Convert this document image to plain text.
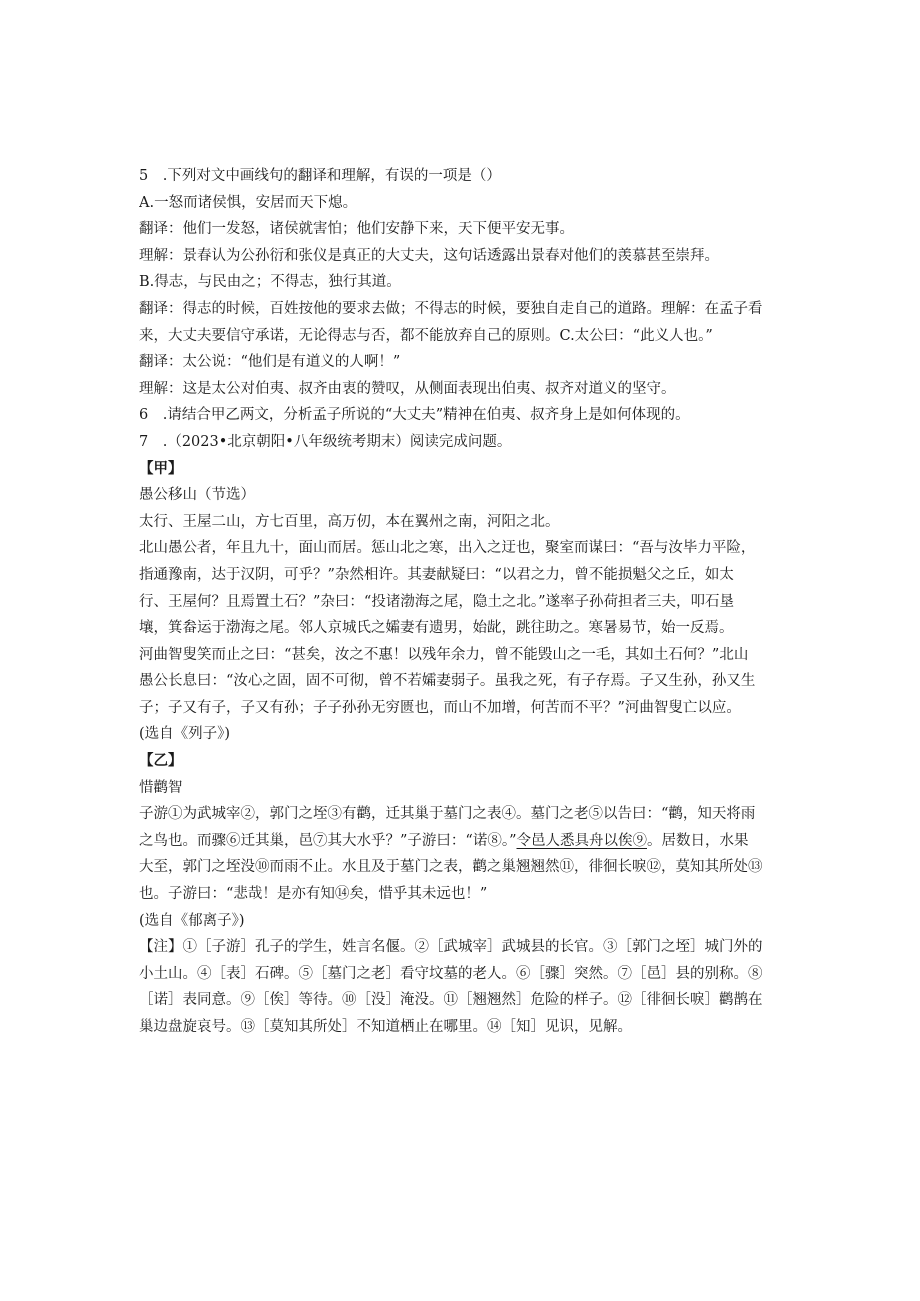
5　.下列对文中画线句的翻译和理解，有误的一项是（）
A.一怒而诸侯惧，安居而天下熄。
翻译：他们一发怒，诸侯就害怕；他们安静下来，天下便平安无事。
理解：景春认为公孙衍和张仪是真正的大丈夫，这句话透露出景春对他们的羡慕甚至崇拜。
B.得志，与民由之；不得志，独行其道。
翻译：得志的时候，百姓按他的要求去做；不得志的时候，要独自走自己的道路。理解：在孟子看
来，大丈夫要信守承诺，无论得志与否，都不能放弃自己的原则。C.太公曰：“此义人也。”
翻译：太公说：“他们是有道义的人啊！”
理解：这是太公对伯夷、叔齐由衷的赞叹，从侧面表现出伯夷、叔齐对道义的坚守。
6　.请结合甲乙两文，分析孟子所说的“大丈夫”精神在伯夷、叔齐身上是如何体现的。
7　.（2023•北京朝阳•八年级统考期末）阅读完成问题。
【甲】
愚公移山（节选）
太行、王屋二山，方七百里，高万仞，本在翼州之南，河阳之北。
北山愚公者，年且九十，面山而居。惩山北之寒，出入之迂也，聚室而谋曰：“吾与汝毕力平险，
指通豫南，达于汉阴，可乎？”杂然相许。其妻献疑曰：“以君之力，曾不能损魁父之丘，如太
行、王屋何？且焉置土石？”杂曰：“投诸渤海之尾，隐土之北。”遂率子孙荷担者三夫，叩石垦
壤，箕畚运于渤海之尾。邻人京城氏之孀妻有遗男，始龀，跳往助之。寒暑易节，始一反焉。
河曲智叟笑而止之曰：“甚矣，汝之不惠！以残年余力，曾不能毁山之一毛，其如土石何？”北山
愚公长息曰：“汝心之固，固不可彻，曾不若孀妻弱子。虽我之死，有子存焉。子又生孙，孙又生
子；子又有子，子又有孙；子子孙孙无穷匮也，而山不加增，何苦而不平？”河曲智叟亡以应。
(选自《列子》)
【乙】
惜鹳智
子游①为武城宰②，郭门之垤③有鹳，迁其巢于墓门之表④。墓门之老⑤以告曰：“鹳，知天将雨
之鸟也。而骤⑥迁其巢，邑⑦其大水乎？”子游曰：“诺⑧。”令邑人悉具舟以俟⑨。居数日，水果
大至，郭门之垤没⑩而雨不止。水且及于墓门之表，鹳之巢翘翘然⑪，徘徊长唳⑫，莫知其所处⑬
也。子游曰：“悲哉！是亦有知⑭矣，惜乎其未远也！”
(选自《郁离子》)
【注】①［子游］孔子的学生，姓言名偃。②［武城宰］武城县的长官。③［郭门之垤］城门外的
小土山。④［表］石碑。⑤［墓门之老］看守坟墓的老人。⑥［骤］突然。⑦［邑］县的别称。⑧
［诺］表同意。⑨［俟］等待。⑩［没］淹没。⑪［翘翘然］危险的样子。⑫［徘徊长唳］鹳鹊在
巢边盘旋哀号。⑬［莫知其所处］不知道栖止在哪里。⑭［知］见识，见解。
